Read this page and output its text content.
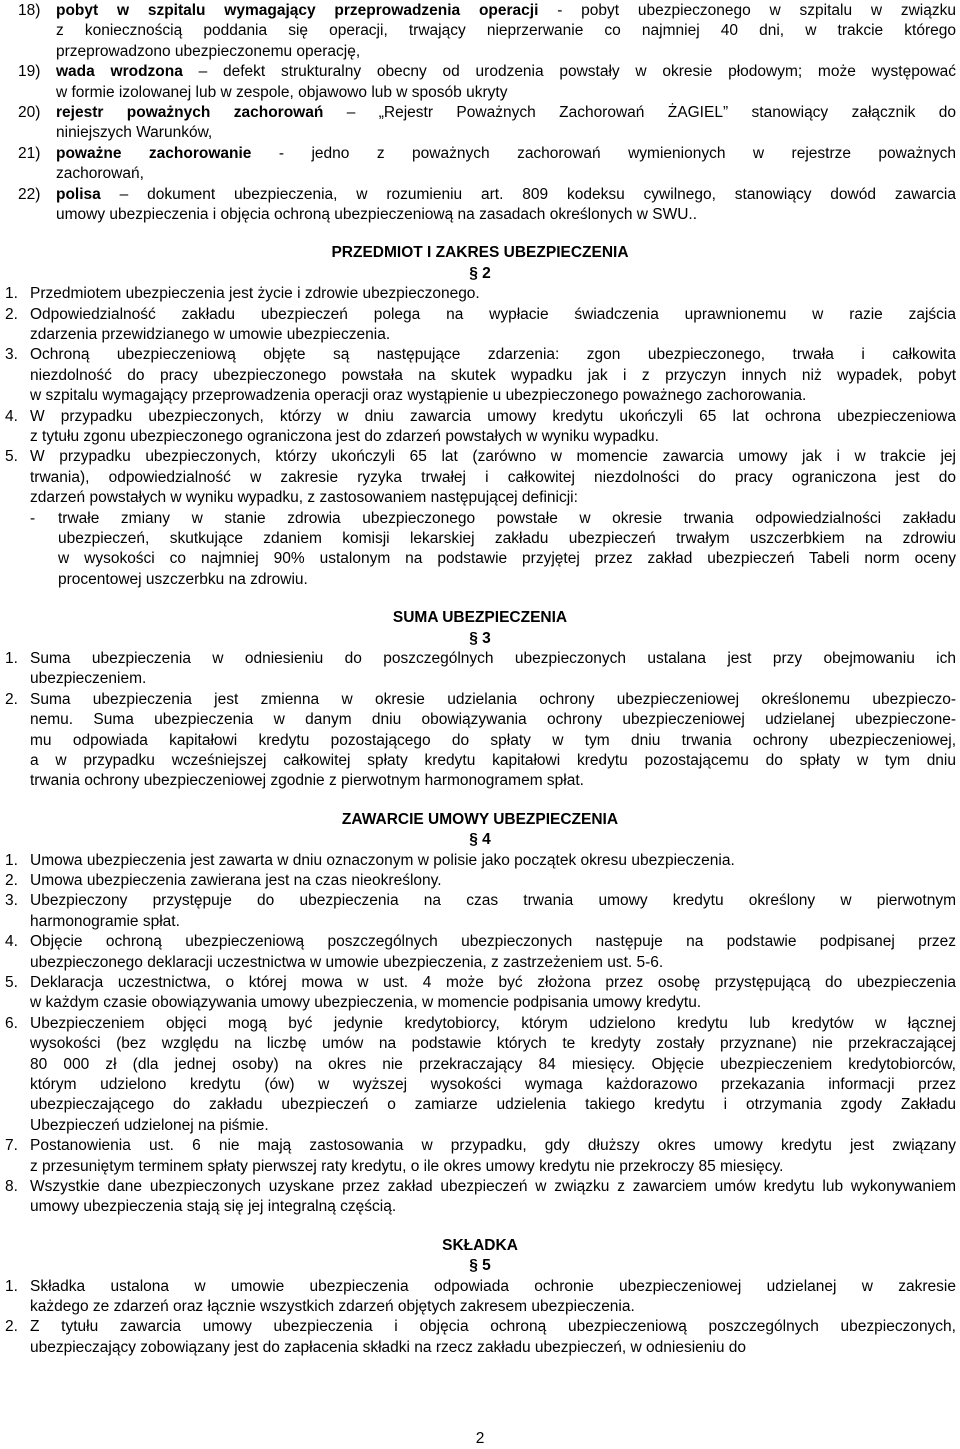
18) pobyt w szpitalu wymagający przeprowadzenia operacji - pobyt ubezpieczonego w szpitalu w związku
z koniecznością poddania się operacji, trwający nieprzerwanie co najmniej 40 dni, w trakcie którego
przeprowadzono ubezpieczonemu operację,
19) wada wrodzona – defekt strukturalny obecny od urodzenia powstały w okresie płodowym; może występować
w formie izolowanej lub w zespole, objawowo lub w sposób ukryty
20) rejestr poważnych zachorowań – „Rejestr Poważnych Zachorowań ŻAGIEL” stanowiący załącznik do
niniejszych Warunków,
21) poważne zachorowanie - jedno z poważnych zachorowań wymienionych w rejestrze poważnych
zachorowań,
22) polisa – dokument ubezpieczenia, w rozumieniu art. 809 kodeksu cywilnego, stanowiący dowód zawarcia
umowy ubezpieczenia i objęcia ochroną ubezpieczeniową na zasadach określonych w SWU..
PRZEDMIOT I ZAKRES UBEZPIECZENIA
§ 2
1. Przedmiotem ubezpieczenia jest życie i zdrowie ubezpieczonego.
2. Odpowiedzialność zakładu ubezpieczeń polega na wypłacie świadczenia uprawnionemu w razie zajścia
zdarzenia przewidzianego w umowie ubezpieczenia.
3. Ochroną ubezpieczeniową objęte są następujące zdarzenia: zgon ubezpieczonego, trwała i całkowita
niezdolność do pracy ubezpieczonego powstała na skutek wypadku jak i z przyczyn innych niż wypadek, pobyt
w szpitalu wymagający przeprowadzenia operacji oraz wystąpienie u ubezpieczonego poważnego zachorowania.
4. W przypadku ubezpieczonych, którzy w dniu zawarcia umowy kredytu ukończyli 65 lat ochrona ubezpieczeniowa
z tytułu zgonu ubezpieczonego ograniczona jest do zdarzeń powstałych w wyniku wypadku.
5. W przypadku ubezpieczonych, którzy ukończyli 65 lat (zarówno w momencie zawarcia umowy jak i w trakcie jej
trwania), odpowiedzialność w zakresie ryzyka trwałej i całkowitej niezdolności do pracy ograniczona jest do
zdarzeń powstałych w wyniku wypadku, z zastosowaniem następującej definicji:
- trwałe zmiany w stanie zdrowia ubezpieczonego powstałe w okresie trwania odpowiedzialności zakładu
ubezpieczeń, skutkujące zdaniem komisji lekarskiej zakładu ubezpieczeń trwałym uszczerbkiem na zdrowiu
w wysokości co najmniej 90% ustalonym na podstawie przyjętej przez zakład ubezpieczeń Tabeli norm oceny
procentowej uszczerbku na zdrowiu.
SUMA UBEZPIECZENIA
§ 3
1. Suma ubezpieczenia w odniesieniu do poszczególnych ubezpieczonych ustalana jest przy obejmowaniu ich
ubezpieczeniem.
2. Suma ubezpieczenia jest zmienna w okresie udzielania ochrony ubezpieczeniowej określonemu ubezpieczo-
nemu. Suma ubezpieczenia w danym dniu obowiązywania ochrony ubezpieczeniowej udzielanej ubezpieczone-
mu odpowiada kapitałowi kredytu pozostającego do spłaty w tym dniu trwania ochrony ubezpieczeniowej,
a w przypadku wcześniejszej całkowitej spłaty kredytu kapitałowi kredytu pozostającemu do spłaty w tym dniu
trwania ochrony ubezpieczeniowej zgodnie z pierwotnym harmonogramem spłat.
ZAWARCIE UMOWY UBEZPIECZENIA
§ 4
1. Umowa ubezpieczenia jest zawarta w dniu oznaczonym w polisie jako początek okresu ubezpieczenia.
2. Umowa ubezpieczenia zawierana jest na czas nieokreślony.
3. Ubezpieczony przystępuje do ubezpieczenia na czas trwania umowy kredytu określony w pierwotnym
harmonogramie spłat.
4. Objęcie ochroną ubezpieczeniową poszczególnych ubezpieczonych następuje na podstawie podpisanej przez
ubezpieczonego deklaracji uczestnictwa w umowie ubezpieczenia, z zastrzeżeniem ust. 5-6.
5. Deklaracja uczestnictwa, o której mowa w ust. 4 może być złożona przez osobę przystępującą do ubezpieczenia
w każdym czasie obowiązywania umowy ubezpieczenia, w momencie podpisania umowy kredytu.
6. Ubezpieczeniem objęci mogą być jedynie kredytobiorcy, którym udzielono kredytu lub kredytów w łącznej
wysokości (bez względu na liczbę umów na podstawie których te kredyty zostały przyznane) nie przekraczającej
80 000 zł (dla jednej osoby) na okres nie przekraczający 84 miesięcy. Objęcie ubezpieczeniem kredytobiorców,
którym udzielono kredytu (ów) w wyższej wysokości wymaga każdorazowo przekazania informacji przez
ubezpieczającego do zakładu ubezpieczeń o zamiarze udzielenia takiego kredytu i otrzymania zgody Zakładu
Ubezpieczeń udzielonej na piśmie.
7. Postanowienia ust. 6 nie mają zastosowania w przypadku, gdy dłuższy okres umowy kredytu jest związany
z przesuniętym terminem spłaty pierwszej raty kredytu, o ile okres umowy kredytu nie przekroczy 85 miesięcy.
8. Wszystkie dane ubezpieczonych uzyskane przez zakład ubezpieczeń w związku z zawarciem umów kredytu lub wykonywaniem
umowy ubezpieczenia stają się jej integralną częścią.
SKŁADKA
§ 5
1. Składka ustalona w umowie ubezpieczenia odpowiada ochronie ubezpieczeniowej udzielanej w zakresie
każdego ze zdarzeń oraz łącznie wszystkich zdarzeń objętych zakresem ubezpieczenia.
2. Z tytułu zawarcia umowy ubezpieczenia i objęcia ochroną ubezpieczeniową poszczególnych ubezpieczonych,
ubezpieczający zobowiązany jest do zapłacenia składki na rzecz zakładu ubezpieczeń, w odniesieniu do
2
